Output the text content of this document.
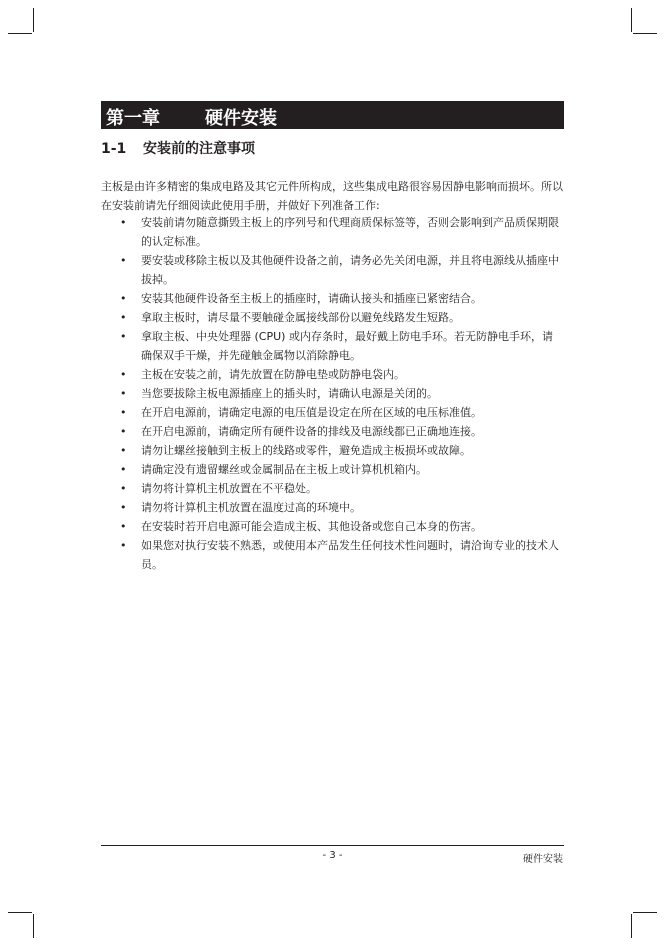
第一章	硬件安装
1-1 安装前的注意事项

主板是由许多精密的集成电路及其它元件所构成，这些集成电路很容易因静电影响而损坏。所以在安装前请先仔细阅读此使用手册，并做好下列准备工作:

• 安装前请勿随意撕毁主板上的序列号和代理商质保标签等，否则会影响到产品质保期限的认定标准。
• 要安装或移除主板以及其他硬件设备之前，请务必先关闭电源，并且将电源线从插座中拔掉。
• 安装其他硬件设备至主板上的插座时，请确认接头和插座已紧密结合。
• 拿取主板时，请尽量不要触碰金属接线部份以避免线路发生短路。
• 拿取主板、中央处理器 (CPU) 或内存条时，最好戴上防电手环。若无防静电手环，请确保双手干燥，并先碰触金属物以消除静电。
• 主板在安装之前，请先放置在防静电垫或防静电袋内。
• 当您要拔除主板电源插座上的插头时，请确认电源是关闭的。
• 在开启电源前，请确定电源的电压值是设定在所在区域的电压标准值。
• 在开启电源前，请确定所有硬件设备的排线及电源线都已正确地连接。
• 请勿让螺丝接触到主板上的线路或零件，避免造成主板损坏或故障。
• 请确定没有遗留螺丝或金属制品在主板上或计算机机箱内。
• 请勿将计算机主机放置在不平稳处。
• 请勿将计算机主机放置在温度过高的环境中。
• 在安装时若开启电源可能会造成主板、其他设备或您自己本身的伤害。
• 如果您对执行安装不熟悉，或使用本产品发生任何技术性问题时，请洽询专业的技术人员。
- 3 -	硬件安装
